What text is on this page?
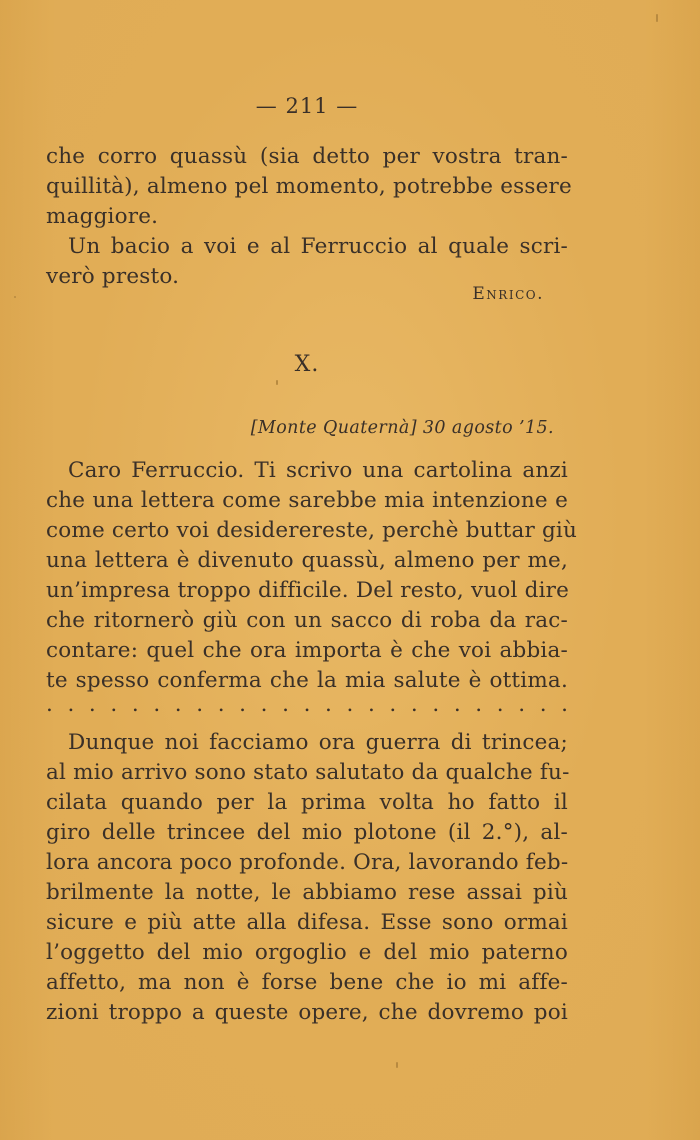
— 211 —
che corro quassù (sia detto per vostra tran-
quillità), almeno pel momento, potrebbe essere
maggiore.
Un bacio a voi e al Ferruccio al quale scri-
verò presto.
Enrico.
X.
[Monte Quaternà] 30 agosto ’15.
Caro Ferruccio. Ti scrivo una cartolina anzi
che una lettera come sarebbe mia intenzione e
come certo voi desiderereste, perchè buttar giù
una lettera è divenuto quassù, almeno per me,
un’impresa troppo difficile. Del resto, vuol dire
che ritornerò giù con un sacco di roba da rac-
contare: quel che ora importa è che voi abbia-
te spesso conferma che la mia salute è ottima.
. . . . . . . . . . . . . . . . . . . . . . . . .
Dunque noi facciamo ora guerra di trincea;
al mio arrivo sono stato salutato da qualche fu-
cilata quando per la prima volta ho fatto il
giro delle trincee del mio plotone (il 2.°), al-
lora ancora poco profonde. Ora, lavorando feb-
brilmente la notte, le abbiamo rese assai più
sicure e più atte alla difesa. Esse sono ormai
l’oggetto del mio orgoglio e del mio paterno
affetto, ma non è forse bene che io mi affe-
zioni troppo a queste opere, che dovremo poi
